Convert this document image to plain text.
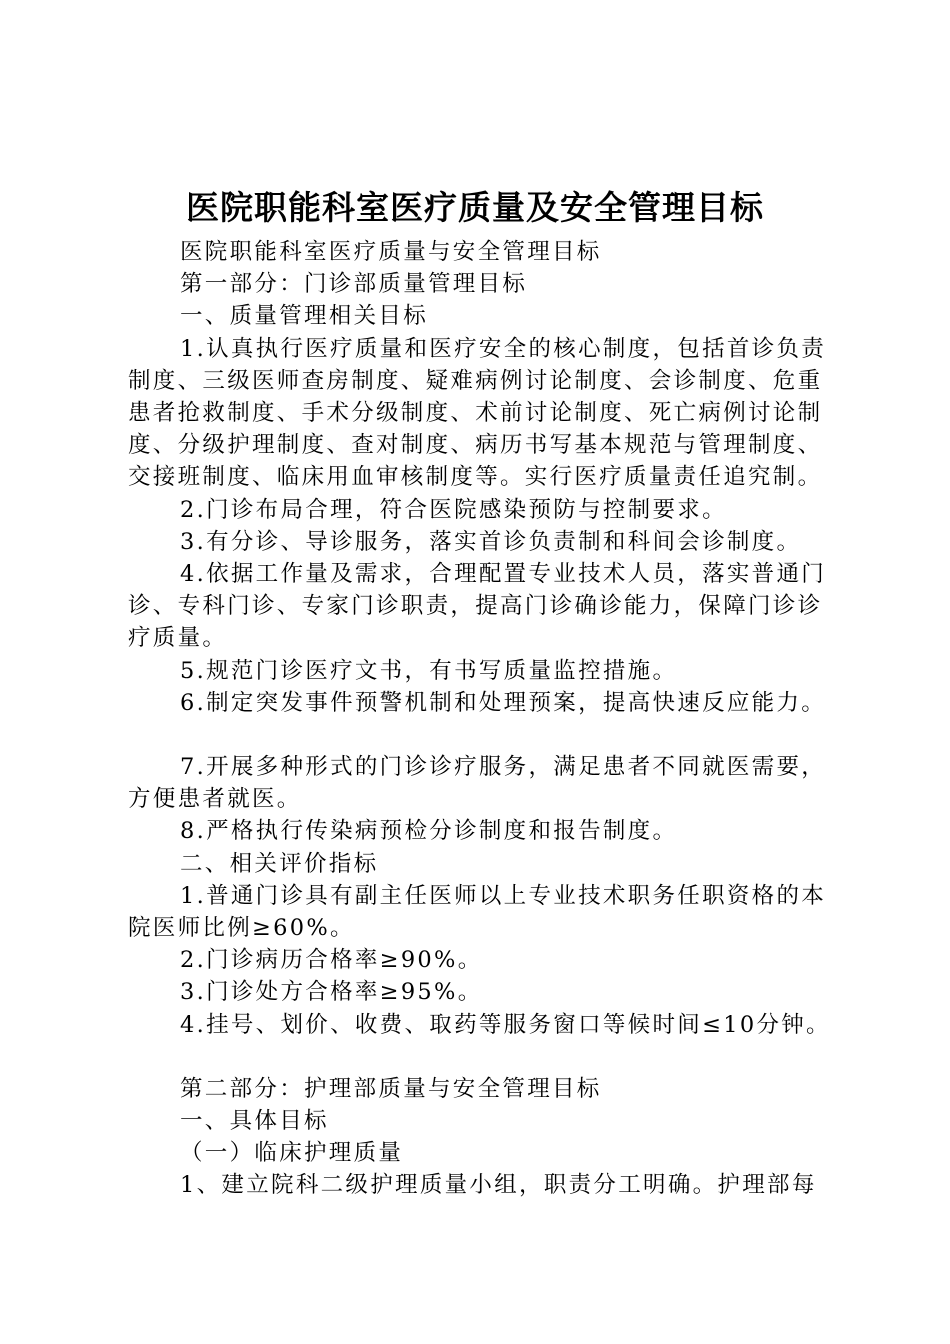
医院职能科室医疗质量及安全管理目标

医院职能科室医疗质量与安全管理目标

第一部分：门诊部质量管理目标

一、质量管理相关目标

1.认真执行医疗质量和医疗安全的核心制度，包括首诊负责制度、三级医师查房制度、疑难病例讨论制度、会诊制度、危重患者抢救制度、手术分级制度、术前讨论制度、死亡病例讨论制度、分级护理制度、查对制度、病历书写基本规范与管理制度、交接班制度、临床用血审核制度等。实行医疗质量责任追究制。

2.门诊布局合理，符合医院感染预防与控制要求。

3.有分诊、导诊服务，落实首诊负责制和科间会诊制度。

4.依据工作量及需求，合理配置专业技术人员，落实普通门诊、专科门诊、专家门诊职责，提高门诊确诊能力，保障门诊诊疗质量。

5.规范门诊医疗文书，有书写质量监控措施。

6.制定突发事件预警机制和处理预案，提高快速反应能力。

7.开展多种形式的门诊诊疗服务，满足患者不同就医需要，方便患者就医。

8.严格执行传染病预检分诊制度和报告制度。

二、相关评价指标

1.普通门诊具有副主任医师以上专业技术职务任职资格的本院医师比例≥60%。

2.门诊病历合格率≥90%。

3.门诊处方合格率≥95%。

4.挂号、划价、收费、取药等服务窗口等候时间≤10分钟。

第二部分：护理部质量与安全管理目标

一、具体目标

（一）临床护理质量

1、建立院科二级护理质量小组，职责分工明确。护理部每
